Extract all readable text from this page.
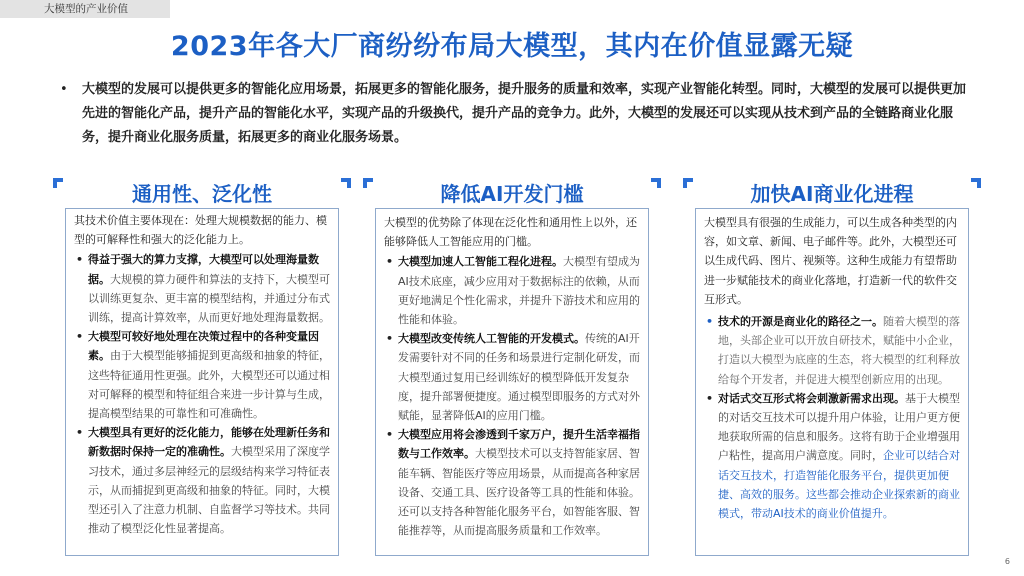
大模型的产业价值
2023年各大厂商纷纷布局大模型，其内在价值显露无疑
• 大模型的发展可以提供更多的智能化应用场景，拓展更多的智能化服务，提升服务的质量和效率，实现产业智能化转型。同时，大模型的发展可以提供更加先进的智能化产品，提升产品的智能化水平，实现产品的升级换代，提升产品的竞争力。此外，大模型的发展还可以实现从技术到产品的全链路商业化服务，提升商业化服务质量，拓展更多的商业化服务场景。

其技术价值主要体现在：处理大规模数据的能力、模型的可解释性和强大的泛化能力上。

• 得益于强大的算力支撑，大模型可以处理海量数据。大规模的算力硬件和算法的支持下，大模型可以训练更复杂、更丰富的模型结构，并通过分布式训练，提高计算效率，从而更好地处理海量数据。
• 大模型可较好地处理在决策过程中的各种变量因素。由于大模型能够捕捉到更高级和抽象的特征，这些特征通用性更强。此外，大模型还可以通过相对可解释的模型和特征组合来进一步计算与生成，提高模型结果的可靠性和可准确性。
• 大模型具有更好的泛化能力，能够在处理新任务和新数据时保持一定的准确性。大模型采用了深度学习技术，通过多层神经元的层级结构来学习特征表示，从而捕捉到更高级和抽象的特征。同时，大模型还引入了注意力机制、自监督学习等技术。共同推动了模型泛化性显著提高。
通用性、泛化性

大模型的优势除了体现在泛化性和通用性上以外，还能够降低人工智能应用的门槛。

• 大模型加速人工智能工程化进程。大模型有望成为AI技术底座，减少应用对于数据标注的依赖，从而更好地满足个性化需求，并提升下游技术和应用的性能和体验。
• 大模型改变传统人工智能的开发模式。传统的AI开发需要针对不同的任务和场景进行定制化研发，而大模型通过复用已经训练好的模型降低开发复杂度，提升部署便捷度。通过模型即服务的方式对外赋能，显著降低AI的应用门槛。
• 大模型应用将会渗透到千家万户，提升生活幸福指数与工作效率。大模型技术可以支持智能家居、智能车辆、智能医疗等应用场景，从而提高各种家居设备、交通工具、医疗设备等工具的性能和体验。还可以支持各种智能化服务平台，如智能客服、智能推荐等，从而提高服务质量和工作效率。
降低AI开发门槛

大模型具有很强的生成能力，可以生成各种类型的内容，如文章、新闻、电子邮件等。此外，大模型还可以生成代码、图片、视频等。这种生成能力有望帮助进一步赋能技术的商业化落地，打造新一代的软件交互形式。

• 技术的开源是商业化的路径之一。随着大模型的落地，头部企业可以开放自研技术，赋能中小企业，打造以大模型为底座的生态，将大模型的红利释放给每个开发者，并促进大模型创新应用的出现。
• 对话式交互形式将会刺激新需求出现。基于大模型的对话交互技术可以提升用户体验，让用户更方便地获取所需的信息和服务。这将有助于企业增强用户粘性，提高用户满意度。同时，企业可以结合对话交互技术，打造智能化服务平台，提供更加便捷、高效的服务。这些都会推动企业探索新的商业模式，带动AI技术的商业价值提升。
加快AI商业化进程
6
